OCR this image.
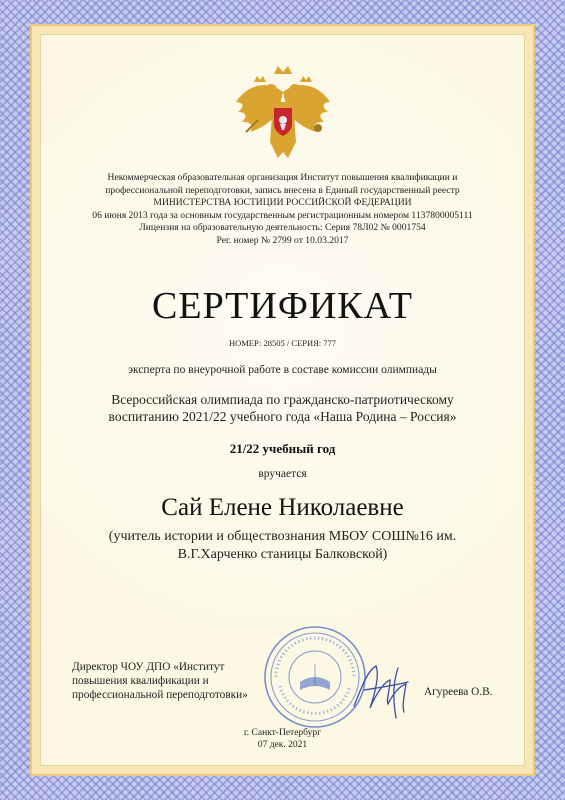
Некоммерческая образовательная организация Институт повышения квалификации и
профессиональной переподготовки, запись внесена в Единый государственный реестр
МИНИСТЕРСТВА ЮСТИЦИИ РОССИЙСКОЙ ФЕДЕРАЦИИ
06 июня 2013 года за основным государственным регистрационным номером 1137800005111
Лицензия на образовательную деятельность: Серия 78Л02 № 0001754
Рег. номер № 2799 от 10.03.2017
СЕРТИФИКАТ
НОМЕР: 28505 / СЕРИЯ: 777
эксперта по внеурочной работе в составе комиссии олимпиады
Всероссийская олимпиада по гражданско-патриотическому
воспитанию 2021/22 учебного года «Наша Родина – Россия»
21/22 учебный год
вручается
Сай Елене Николаевне
(учитель истории и обществознания МБОУ СОШ№16 им.
В.Г.Харченко станицы Балковской)
Директор ЧОУ ДПО «Институт
повышения квалификации и
профессиональной переподготовки»	Агуреева О.В.
г. Санкт-Петербург
07 дек. 2021
